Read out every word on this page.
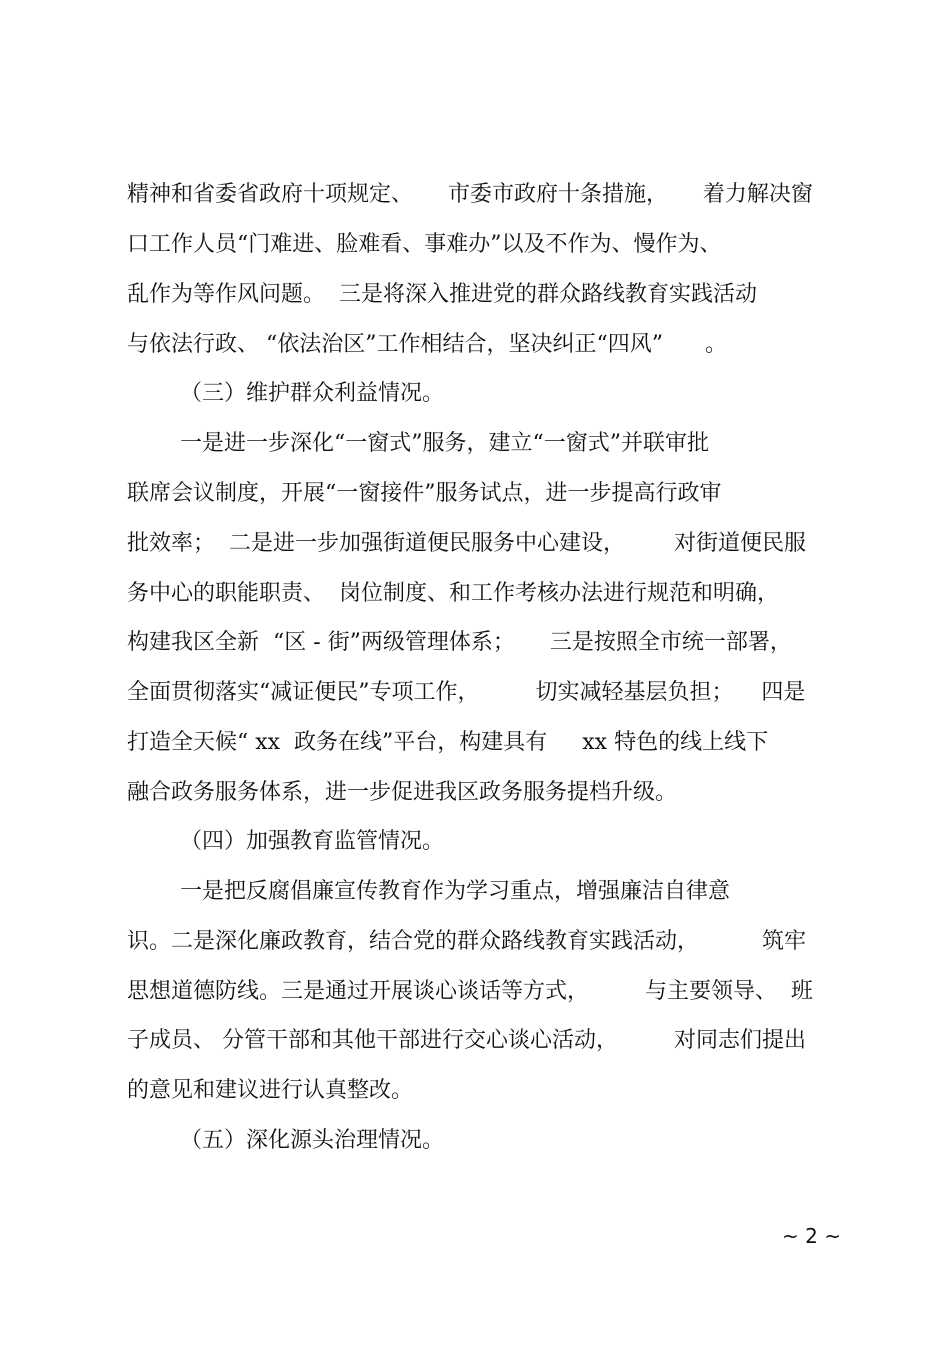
精神和省委省政府十项规定、     市委市政府十条措施，     着力解决窗
口工作人员“门难进、脸难看、事难办”以及不作为、慢作为、
乱作为等作风问题。  三是将深入推进党的群众路线教育实践活动
与依法行政、 “依法治区”工作相结合，坚决纠正“四风”      。
（三）维护群众利益情况。
一是进一步深化“一窗式”服务，建立“一窗式”并联审批
联席会议制度，开展“一窗接件”服务试点，进一步提高行政审
批效率；  二是进一步加强街道便民服务中心建设，       对街道便民服
务中心的职能职责、  岗位制度、和工作考核办法进行规范和明确，
构建我区全新  “区 - 街”两级管理体系；     三是按照全市统一部署，
全面贯彻落实“减证便民”专项工作，        切实减轻基层负担；    四是
打造全天候“ xx  政务在线”平台，构建具有     xx 特色的线上线下
融合政务服务体系，进一步促进我区政务服务提档升级。
（四）加强教育监管情况。
一是把反腐倡廉宣传教育作为学习重点，增强廉洁自律意
识。二是深化廉政教育，结合党的群众路线教育实践活动，         筑牢
思想道德防线。三是通过开展谈心谈话等方式，        与主要领导、  班
子成员、 分管干部和其他干部进行交心谈心活动，        对同志们提出
的意见和建议进行认真整改。
（五）深化源头治理情况。
~ 2 ~
